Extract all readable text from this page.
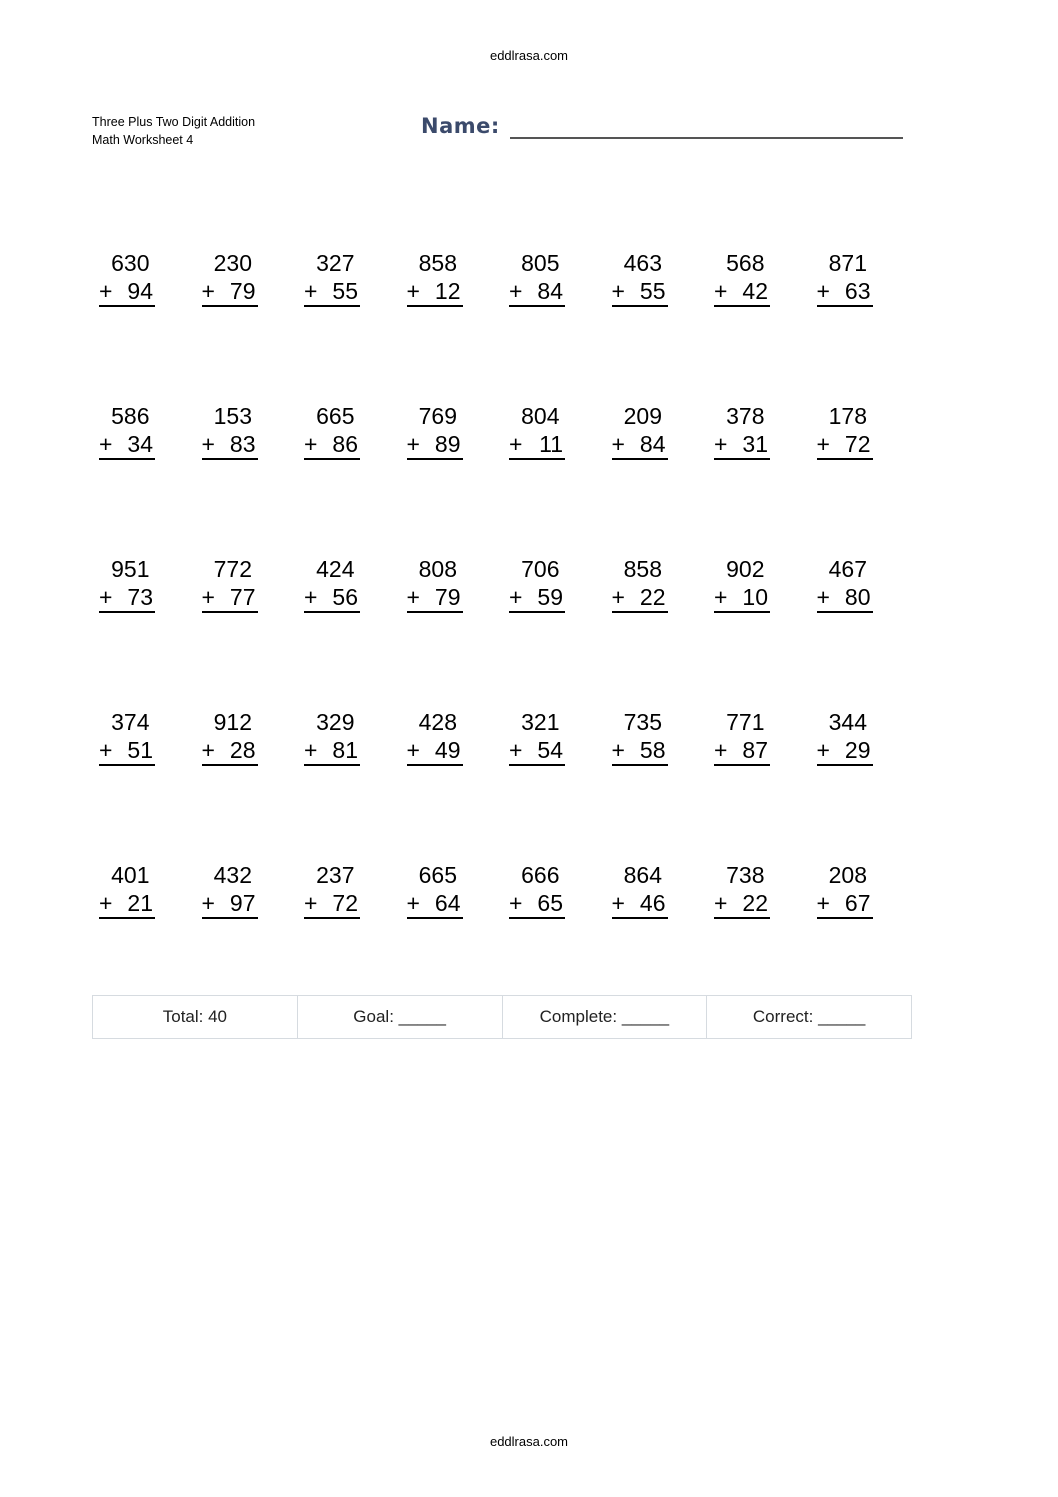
eddlrasa.com
Three Plus Two Digit Addition
Math Worksheet 4
Name:
630
+ 94
230
+ 79
327
+ 55
858
+ 12
805
+ 84
463
+ 55
568
+ 42
871
+ 63
586
+ 34
153
+ 83
665
+ 86
769
+ 89
804
+ 11
209
+ 84
378
+ 31
178
+ 72
951
+ 73
772
+ 77
424
+ 56
808
+ 79
706
+ 59
858
+ 22
902
+ 10
467
+ 80
374
+ 51
912
+ 28
329
+ 81
428
+ 49
321
+ 54
735
+ 58
771
+ 87
344
+ 29
401
+ 21
432
+ 97
237
+ 72
665
+ 64
666
+ 65
864
+ 46
738
+ 22
208
+ 67
Total: 40	Goal: _____	Complete: _____	Correct: _____
eddlrasa.com
